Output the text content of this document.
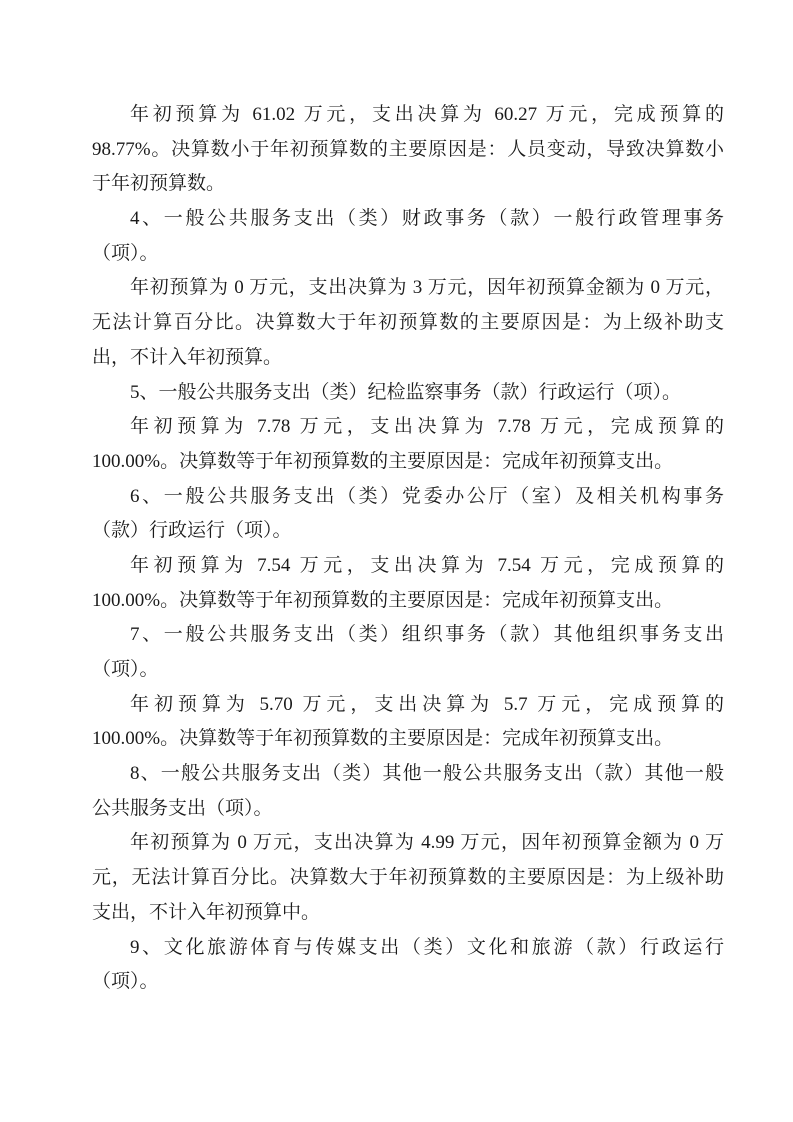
年初预算为 61.02 万元，支出决算为 60.27 万元，完成预算的
98.77%。决算数小于年初预算数的主要原因是：人员变动，导致决算数小
于年初预算数。
4、一般公共服务支出（类）财政事务（款）一般行政管理事务
（项）。
年初预算为 0 万元，支出决算为 3 万元，因年初预算金额为 0 万元，
无法计算百分比。决算数大于年初预算数的主要原因是：为上级补助支
出，不计入年初预算。
5、一般公共服务支出（类）纪检监察事务（款）行政运行（项）。
年初预算为 7.78 万元，支出决算为 7.78 万元，完成预算的
100.00%。决算数等于年初预算数的主要原因是：完成年初预算支出。
6、一般公共服务支出（类）党委办公厅（室）及相关机构事务
（款）行政运行（项）。
年初预算为 7.54 万元，支出决算为 7.54 万元，完成预算的
100.00%。决算数等于年初预算数的主要原因是：完成年初预算支出。
7、一般公共服务支出（类）组织事务（款）其他组织事务支出
（项）。
年初预算为 5.70 万元，支出决算为 5.7 万元，完成预算的
100.00%。决算数等于年初预算数的主要原因是：完成年初预算支出。
8、一般公共服务支出（类）其他一般公共服务支出（款）其他一般
公共服务支出（项）。
年初预算为 0 万元，支出决算为 4.99 万元，因年初预算金额为 0 万
元，无法计算百分比。决算数大于年初预算数的主要原因是：为上级补助
支出，不计入年初预算中。
9、文化旅游体育与传媒支出（类）文化和旅游（款）行政运行
（项）。
